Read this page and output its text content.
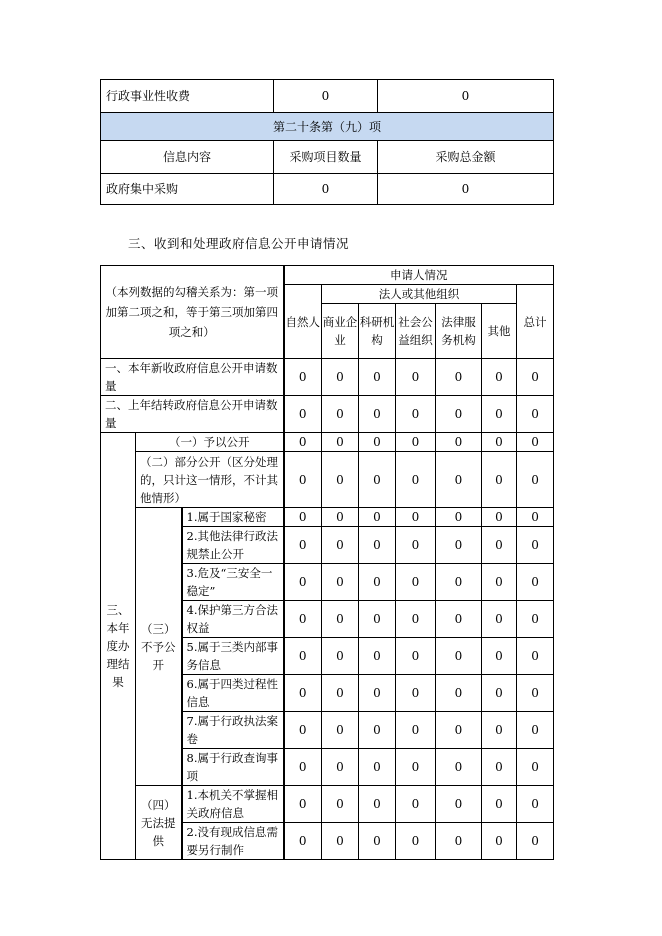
行政事业性收费	0	0
第二十条第（九）项		
信息内容	采购项目数量	采购总金额
政府集中采购	0	0
三、收到和处理政府信息公开申请情况
（本列数据的勾稽关系为：第一项加第二项之和，等于第三项加第四项之和）			申请人情况						
			自然人	法人或其他组织					总计
				商业企业	科研机构	社会公益组织	法律服务机构	其他	
一、本年新收政府信息公开申请数量			0	0	0	0	0	0	0
二、上年结转政府信息公开申请数量			0	0	0	0	0	0	0
三、本年度办理结果	（一）予以公开		0	0	0	0	0	0	0
	（二）部分公开（区分处理的，只计这一情形，不计其他情形）		0	0	0	0	0	0	0
	（三）不予公开	1.属于国家秘密	0	0	0	0	0	0	0
		2.其他法律行政法规禁止公开	0	0	0	0	0	0	0
		3.危及“三安全一稳定”	0	0	0	0	0	0	0
		4.保护第三方合法权益	0	0	0	0	0	0	0
		5.属于三类内部事务信息	0	0	0	0	0	0	0
		6.属于四类过程性信息	0	0	0	0	0	0	0
		7.属于行政执法案卷	0	0	0	0	0	0	0
		8.属于行政查询事项	0	0	0	0	0	0	0
	（四）无法提供	1.本机关不掌握相关政府信息	0	0	0	0	0	0	0
		2.没有现成信息需要另行制作	0	0	0	0	0	0	0
